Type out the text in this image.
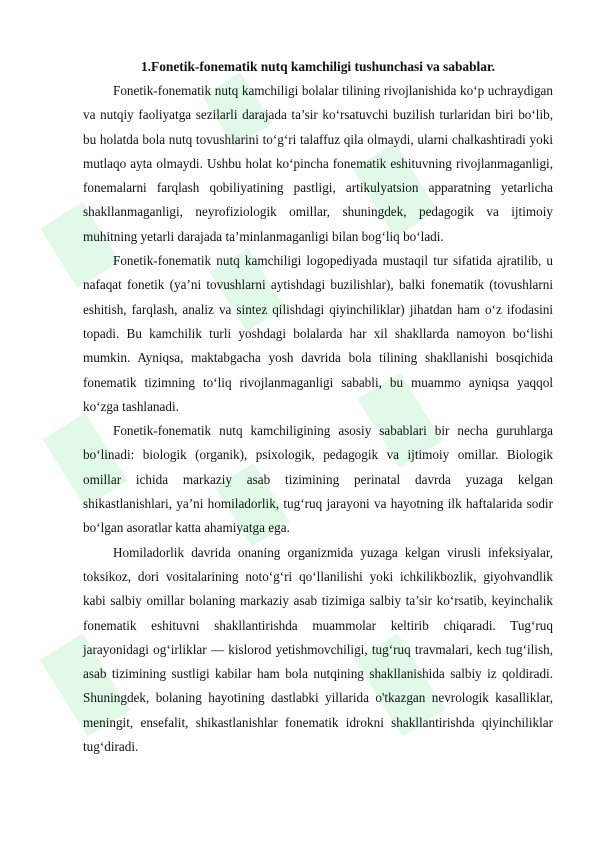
1.Fonetik-fonematik nutq kamchiligi tushunchasi va sabablar.

Fonetik-fonematik nutq kamchiligi bolalar tilining rivojlanishida ko‘p uchraydigan va nutqiy faoliyatga sezilarli darajada ta’sir ko‘rsatuvchi buzilish turlaridan biri bo‘lib, bu holatda bola nutq tovushlarini to‘g‘ri talaffuz qila olmaydi, ularni chalkashtiradi yoki mutlaqo ayta olmaydi. Ushbu holat ko‘pincha fonematik eshituvning rivojlanmaganligi, fonemalarni farqlash qobiliyatining pastligi, artikulyatsion apparatning yetarlicha shakllanmaganligi, neyrofiziologik omillar, shuningdek, pedagogik va ijtimoiy muhitning yetarli darajada ta’minlanmaganligi bilan bog‘liq bo‘ladi.

Fonetik-fonematik nutq kamchiligi logopediyada mustaqil tur sifatida ajratilib, u nafaqat fonetik (ya’ni tovushlarni aytishdagi buzilishlar), balki fonematik (tovushlarni eshitish, farqlash, analiz va sintez qilishdagi qiyinchiliklar) jihatdan ham o‘z ifodasini topadi. Bu kamchilik turli yoshdagi bolalarda har xil shakllarda namoyon bo‘lishi mumkin. Ayniqsa, maktabgacha yosh davrida bola tilining shakllanishi bosqichida fonematik tizimning to‘liq rivojlanmaganligi sababli, bu muammo ayniqsa yaqqol ko‘zga tashlanadi.

Fonetik-fonematik nutq kamchiligining asosiy sabablari bir necha guruhlarga bo‘linadi: biologik (organik), psixologik, pedagogik va ijtimoiy omillar. Biologik omillar ichida markaziy asab tizimining perinatal davrda yuzaga kelgan shikastlanishlari, ya’ni homiladorlik, tug‘ruq jarayoni va hayotning ilk haftalarida sodir bo‘lgan asoratlar katta ahamiyatga ega.

Homiladorlik davrida onaning organizmida yuzaga kelgan virusli infeksiyalar, toksikoz, dori vositalarining noto‘g‘ri qo‘llanilishi yoki ichkilikbozlik, giyohvandlik kabi salbiy omillar bolaning markaziy asab tizimiga salbiy ta’sir ko‘rsatib, keyinchalik fonematik eshituvni shakllantirishda muammolar keltirib chiqaradi. Tug‘ruq jarayonidagi og‘irliklar — kislorod yetishmovchiligi, tug‘ruq travmalari, kech tug‘ilish, asab tizimining sustligi kabilar ham bola nutqining shakllanishida salbiy iz qoldiradi. Shuningdek, bolaning hayotining dastlabki yillarida o'tkazgan nevrologik kasalliklar, meningit, ensefalit, shikastlanishlar fonematik idrokni shakllantirishda qiyinchiliklar tug‘diradi.
